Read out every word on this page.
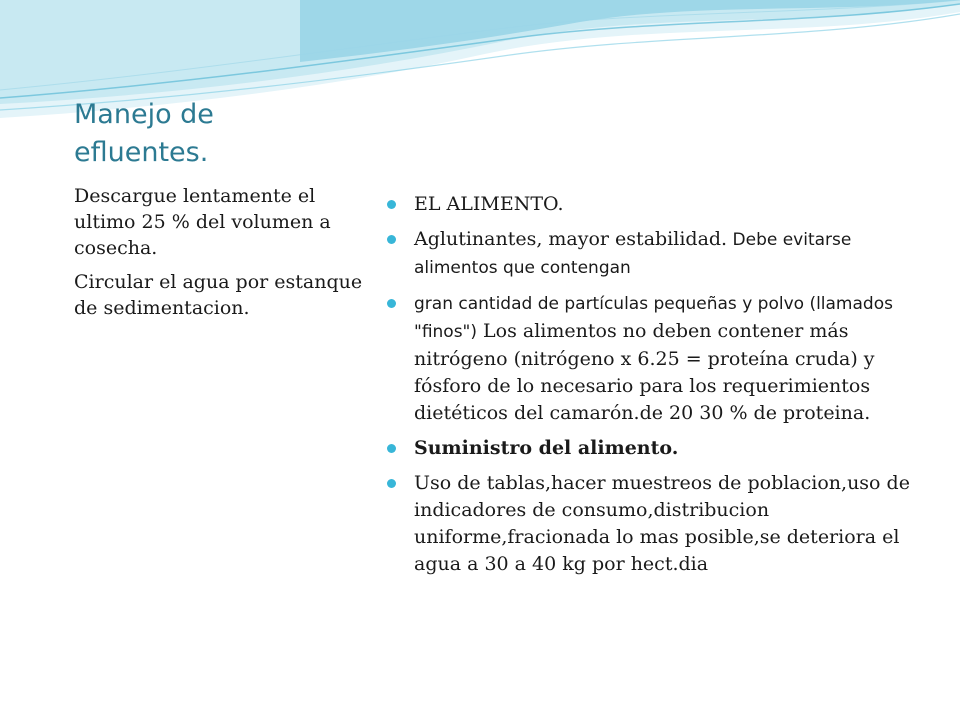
Manejo de
efluentes.

Descargue lentamente el ultimo 25 % del volumen a cosecha.

Circular el agua por estanque de sedimentacion.

EL ALIMENTO.
Aglutinantes, mayor estabilidad. Debe evitarse alimentos que contengan
gran cantidad de partículas pequeñas y polvo (llamados "finos") Los alimentos no deben contener más nitrógeno (nitrógeno x 6.25 = proteína cruda) y fósforo de lo necesario para los requerimientos dietéticos del camarón.de 20 30 % de proteina.
Suministro del alimento.
Uso de tablas,hacer muestreos de poblacion,uso de indicadores de consumo,distribucion uniforme,fracionada lo mas posible,se deteriora el agua a 30 a 40 kg por hect.dia
